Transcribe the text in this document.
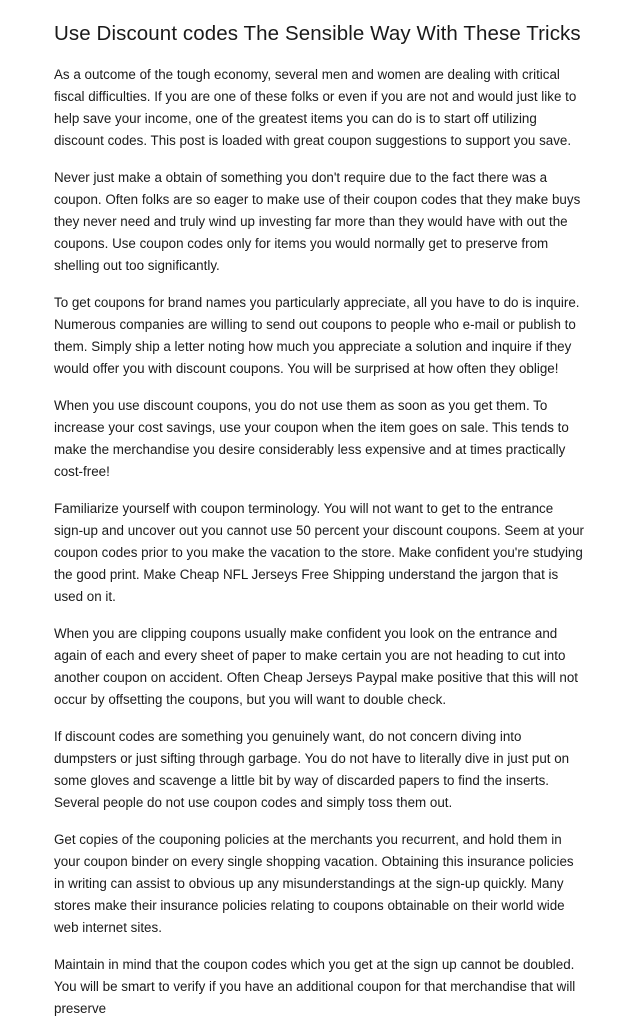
Use Discount codes The Sensible Way With These Tricks

As a outcome of the tough economy, several men and women are dealing with critical fiscal difficulties. If you are one of these folks or even if you are not and would just like to help save your income, one of the greatest items you can do is to start off utilizing discount codes. This post is loaded with great coupon suggestions to support you save.

Never just make a obtain of something you don't require due to the fact there was a coupon. Often folks are so eager to make use of their coupon codes that they make buys they never need and truly wind up investing far more than they would have with out the coupons. Use coupon codes only for items you would normally get to preserve from shelling out too significantly.

To get coupons for brand names you particularly appreciate, all you have to do is inquire. Numerous companies are willing to send out coupons to people who e-mail or publish to them. Simply ship a letter noting how much you appreciate a solution and inquire if they would offer you with discount coupons. You will be surprised at how often they oblige!

When you use discount coupons, you do not use them as soon as you get them. To increase your cost savings, use your coupon when the item goes on sale. This tends to make the merchandise you desire considerably less expensive and at times practically cost-free!

Familiarize yourself with coupon terminology. You will not want to get to the entrance sign-up and uncover out you cannot use 50 percent your discount coupons. Seem at your coupon codes prior to you make the vacation to the store. Make confident you're studying the good print. Make Cheap NFL Jerseys Free Shipping understand the jargon that is used on it.

When you are clipping coupons usually make confident you look on the entrance and again of each and every sheet of paper to make certain you are not heading to cut into another coupon on accident. Often Cheap Jerseys Paypal make positive that this will not occur by offsetting the coupons, but you will want to double check.

If discount codes are something you genuinely want, do not concern diving into dumpsters or just sifting through garbage. You do not have to literally dive in just put on some gloves and scavenge a little bit by way of discarded papers to find the inserts. Several people do not use coupon codes and simply toss them out.

Get copies of the couponing policies at the merchants you recurrent, and hold them in your coupon binder on every single shopping vacation. Obtaining this insurance policies in writing can assist to obvious up any misunderstandings at the sign-up quickly. Many stores make their insurance policies relating to coupons obtainable on their world wide web internet sites.

Maintain in mind that the coupon codes which you get at the sign up cannot be doubled. You will be smart to verify if you have an additional coupon for that merchandise that will preserve
